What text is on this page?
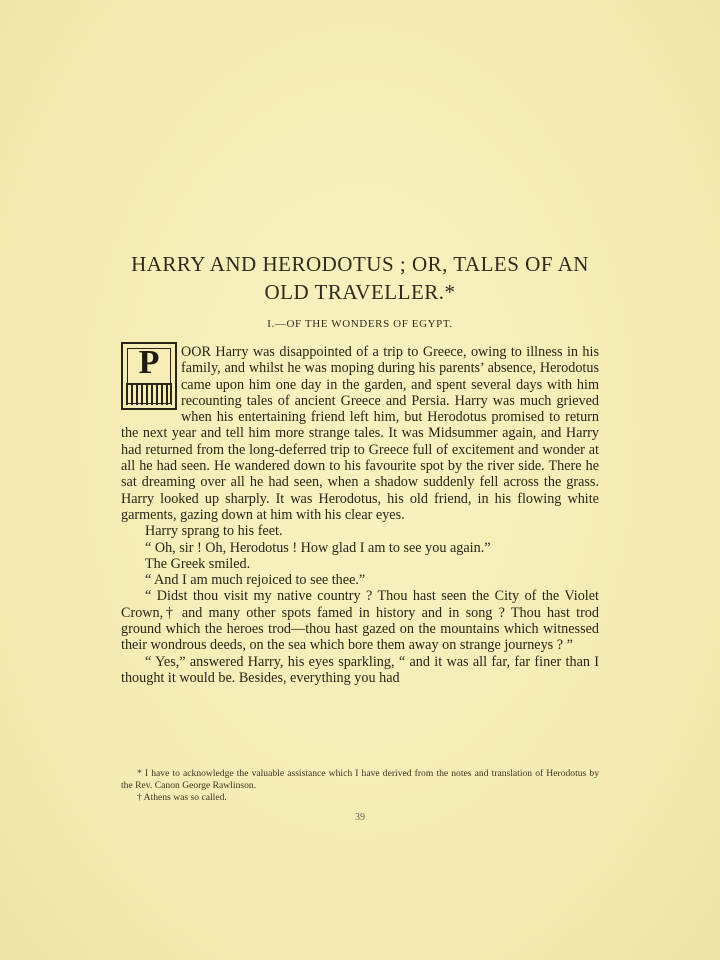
HARRY AND HERODOTUS ; OR, TALES OF AN
OLD TRAVELLER.*
I.—OF THE WONDERS OF EGYPT.
P	OOR Harry was disappointed of a trip to Greece, owing to illness in his family, and whilst he was moping during his parents’ absence, Herodotus came upon him one day in the garden, and spent several days with him recounting tales of ancient Greece and Persia. Harry was much grieved when his entertaining friend left him, but Herodotus promised to return the next year and tell him more strange tales. It was Midsummer again, and Harry had returned from the long-deferred trip to Greece full of excitement and wonder at all he had seen. He wandered down to his favourite spot by the river side. There he sat dreaming over all he had seen, when a shadow suddenly fell across the grass. Harry looked up sharply. It was Herodotus, his old friend, in his flowing white garments, gazing down at him with his clear eyes.

Harry sprang to his feet.

“ Oh, sir ! Oh, Herodotus ! How glad I am to see you again.”

The Greek smiled.

“ And I am much rejoiced to see thee.”

“ Didst thou visit my native country ? Thou hast seen the City of the Violet Crown,† and many other spots famed in history and in song ? Thou hast trod ground which the heroes trod—thou hast gazed on the mountains which witnessed their wondrous deeds, on the sea which bore them away on strange journeys ? ”

“ Yes,” answered Harry, his eyes sparkling, “ and it was all far, far finer than I thought it would be. Besides, everything you had

* I have to acknowledge the valuable assistance which I have derived from the notes and translation of Herodotus by the Rev. Canon George Rawlinson.

† Athens was so called.

39
